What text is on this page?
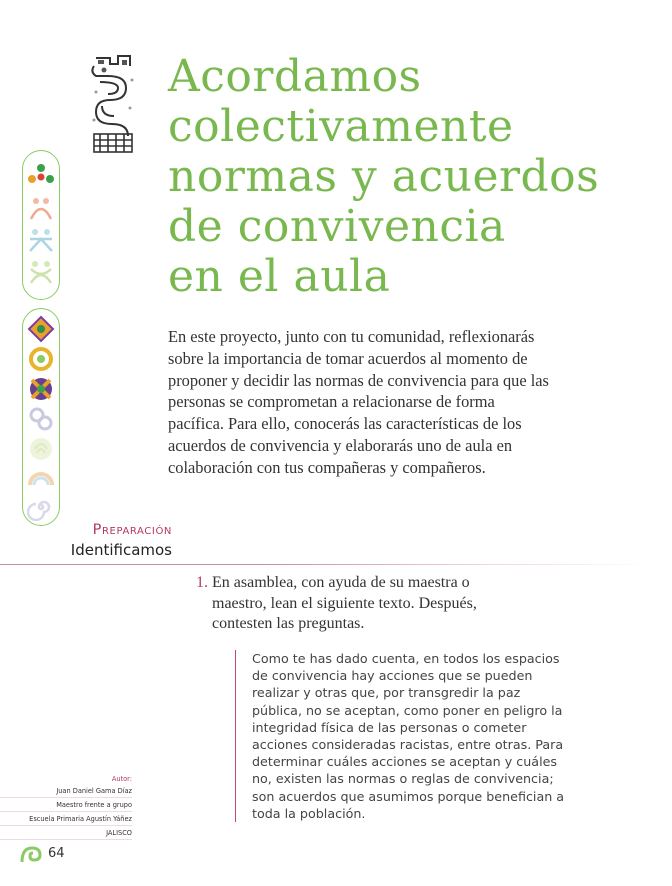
Acordamos
colectivamente
normas y acuerdos
de convivencia
en el aula

En este proyecto, junto con tu comunidad, reflexionarás sobre la importancia de tomar acuerdos al momento de proponer y decidir las normas de convivencia para que las personas se comprometan a relacionarse de forma pacífica. Para ello, conocerás las características de los acuerdos de convivencia y elaborarás uno de aula en colaboración con tus compañeras y compañeros.

Preparación
Identificamos
1. En asamblea, con ayuda de su maestra o maestro, lean el siguiente texto. Después, contesten las preguntas.
Como te has dado cuenta, en todos los espacios de convivencia hay acciones que se pueden realizar y otras que, por transgredir la paz pública, no se aceptan, como poner en peligro la integridad física de las personas o cometer acciones consideradas racistas, entre otras. Para determinar cuáles acciones se aceptan y cuáles no, existen las normas o reglas de convivencia; son acuerdos que asumimos porque benefician a toda la población.
Autor:
Juan Daniel Gama Díaz
Maestro frente a grupo
Escuela Primaria Agustín Yáñez
JALISCO
64
